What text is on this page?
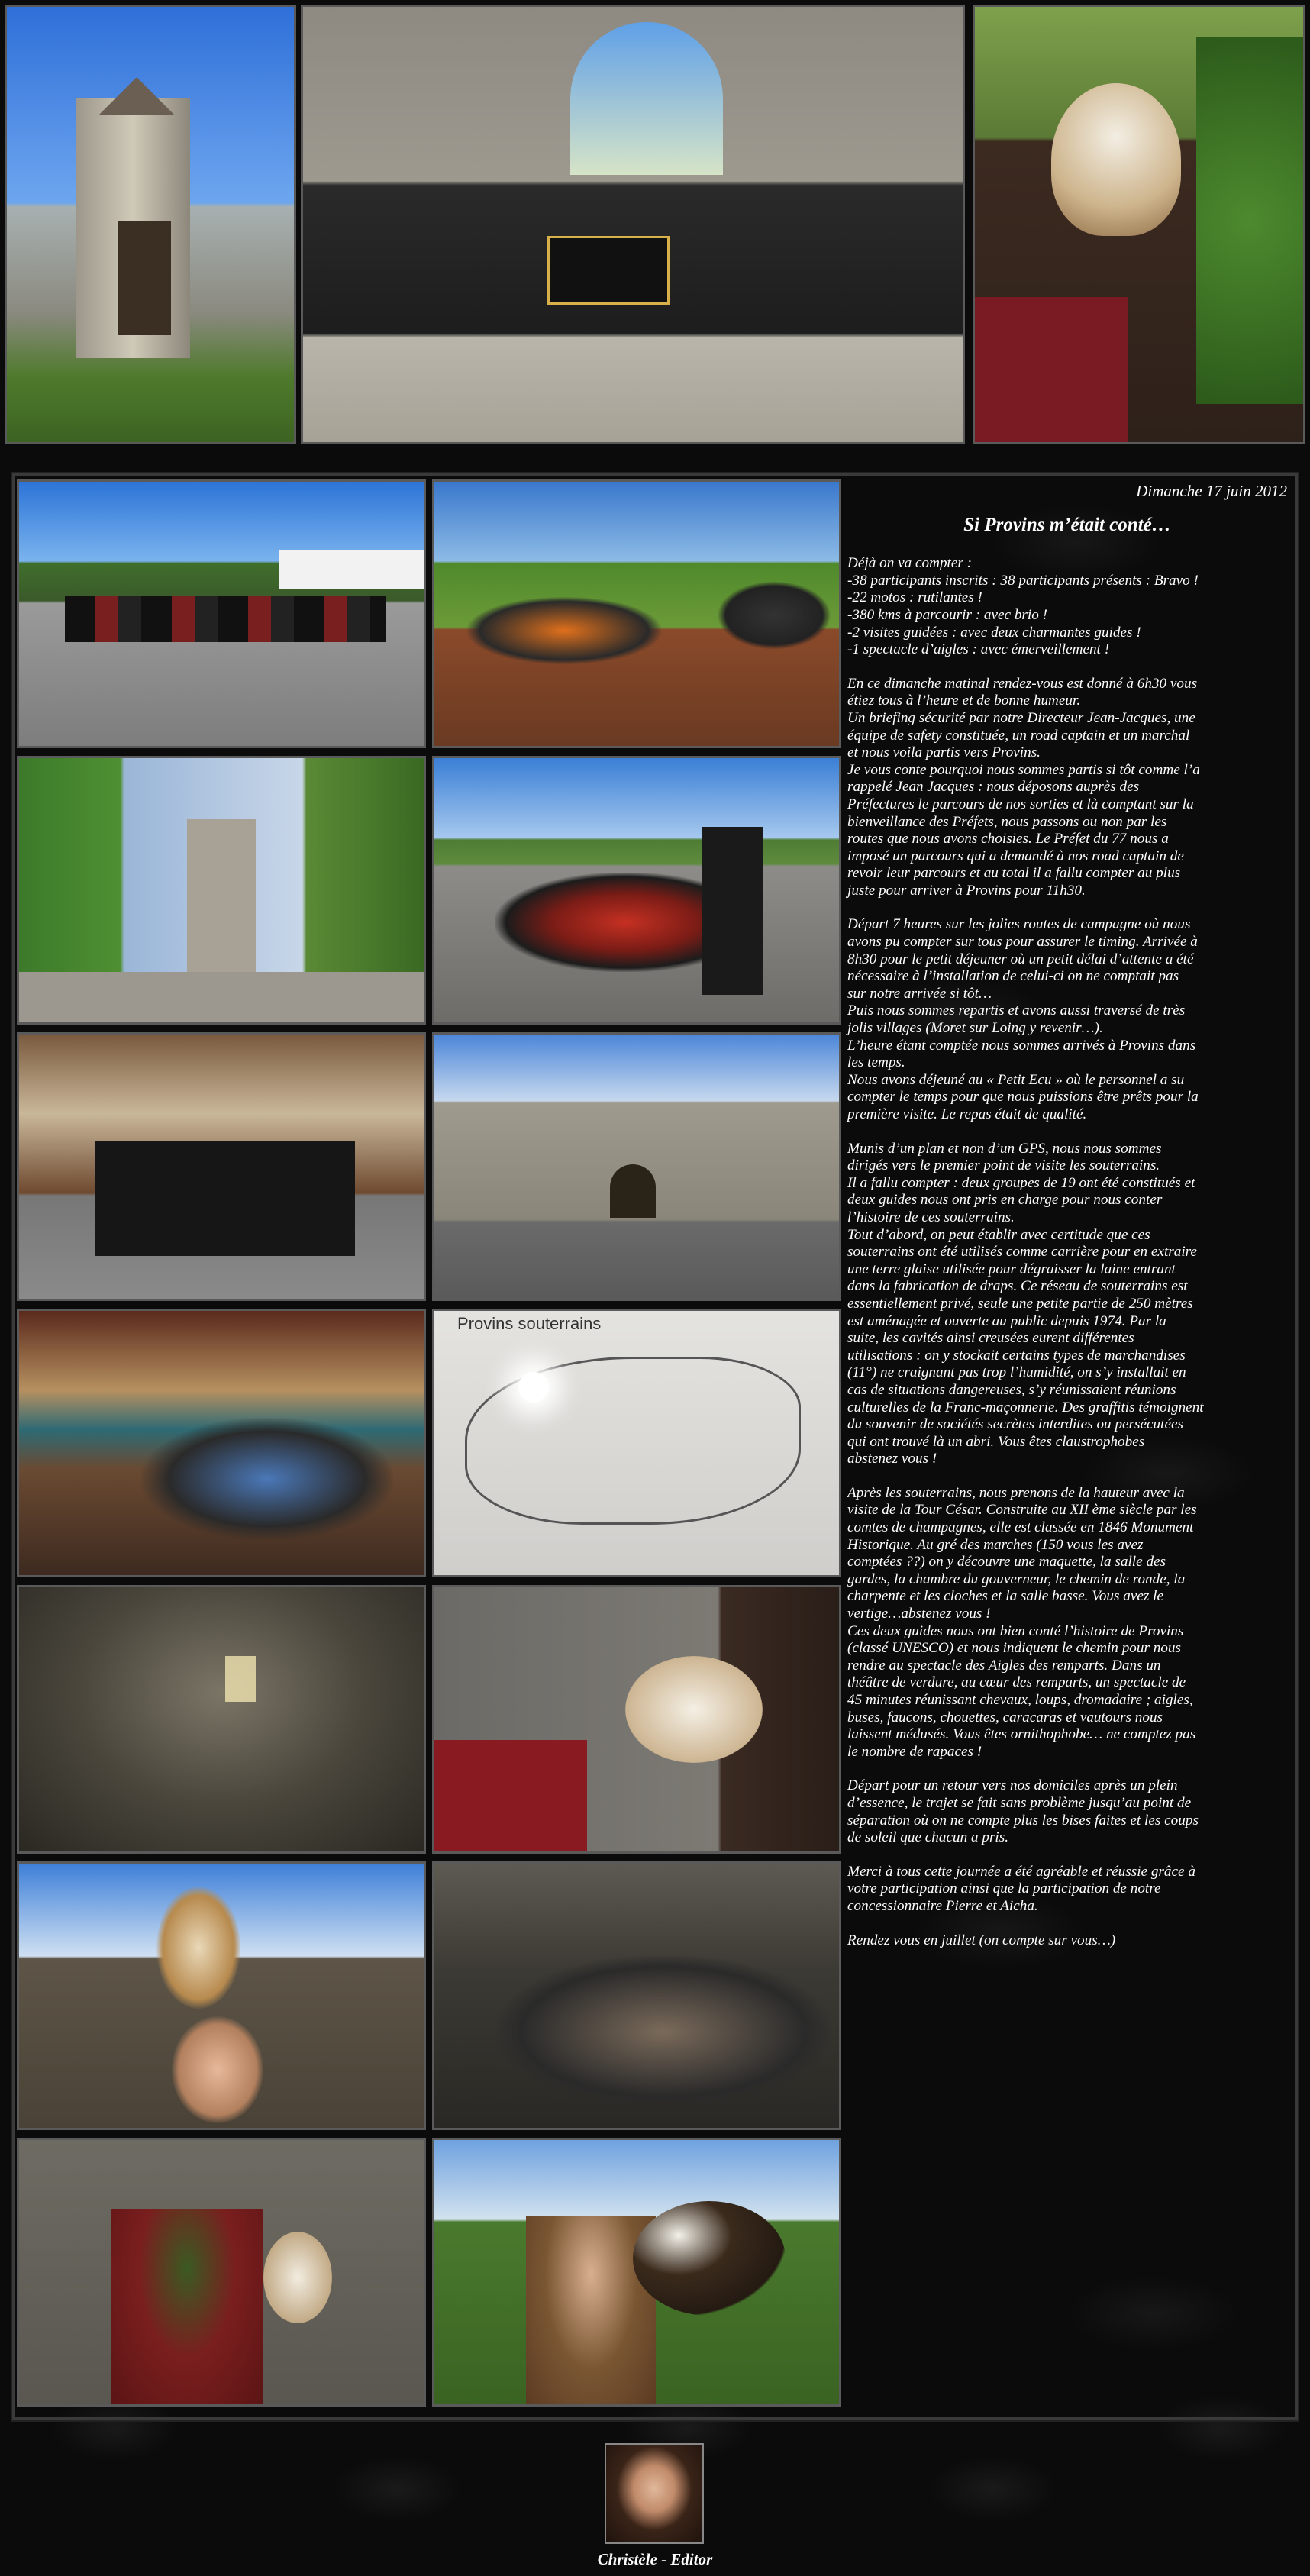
Provins souterrains
Dimanche 17 juin 2012
Si Provins m’était conté…
Déjà on va compter :
-38 participants inscrits : 38 participants présents : Bravo !
-22 motos : rutilantes !
-380 kms à parcourir : avec brio !
-2 visites guidées : avec deux charmantes guides !
-1 spectacle d’aigles : avec émerveillement !
En ce dimanche matinal rendez-vous est donné à 6h30 vous
étiez tous à l’heure et de bonne humeur.
Un briefing sécurité par notre Directeur Jean-Jacques, une
équipe de safety constituée, un road captain et un marchal
et nous voila partis vers Provins.
Je vous conte pourquoi nous sommes partis si tôt comme l’a
rappelé Jean Jacques : nous déposons auprès des
Préfectures le parcours de nos sorties et là comptant sur la
bienveillance des Préfets, nous passons ou non par les
routes que nous avons choisies. Le Préfet du 77 nous a
imposé un parcours qui a demandé à nos road captain de
revoir leur parcours et au total il a fallu compter au plus
juste pour arriver à Provins pour 11h30.
Départ 7 heures sur les jolies routes de campagne où nous
avons pu compter sur tous pour assurer le timing. Arrivée à
8h30 pour le petit déjeuner où un petit délai d’attente a été
nécessaire à l’installation de celui-ci on ne comptait pas
sur notre arrivée si tôt…
Puis nous sommes repartis et avons aussi traversé de très
jolis villages (Moret sur Loing y revenir…).
L’heure étant comptée nous sommes arrivés à Provins dans
les temps.
Nous avons déjeuné au « Petit Ecu » où le personnel a su
compter le temps pour que nous puissions être prêts pour la
première visite. Le repas était de qualité.
Munis d’un plan et non d’un GPS, nous nous sommes
dirigés vers le premier point de visite les souterrains.
Il a fallu compter : deux groupes de 19 ont été constitués et
deux guides nous ont pris en charge pour nous conter
l’histoire de ces souterrains.
Tout d’abord, on peut établir avec certitude que ces
souterrains ont été utilisés comme carrière pour en extraire
une terre glaise utilisée pour dégraisser la laine entrant
dans la fabrication de draps. Ce réseau de souterrains est
essentiellement privé, seule une petite partie de 250 mètres
est aménagée et ouverte au public depuis 1974. Par la
suite, les cavités ainsi creusées eurent différentes
utilisations : on y stockait certains types de marchandises
(11°) ne craignant pas trop l’humidité, on s’y installait en
cas de situations dangereuses, s’y réunissaient réunions
culturelles de la Franc-maçonnerie. Des graffitis témoignent
du souvenir de sociétés secrètes interdites ou persécutées
qui ont trouvé là un abri. Vous êtes claustrophobes
abstenez vous !
Après les souterrains, nous prenons de la hauteur avec la
visite de la Tour César. Construite au XII ème siècle par les
comtes de champagnes, elle est classée en 1846 Monument
Historique. Au gré des marches (150 vous les avez
comptées ??) on y découvre une maquette, la salle des
gardes, la chambre du gouverneur, le chemin de ronde, la
charpente et les cloches et la salle basse. Vous avez le
vertige…abstenez vous !
Ces deux guides nous ont bien conté l’histoire de Provins
(classé UNESCO) et nous indiquent le chemin pour nous
rendre au spectacle des Aigles des remparts. Dans un
théâtre de verdure, au cœur des remparts, un spectacle de
45 minutes réunissant chevaux, loups, dromadaire ; aigles,
buses, faucons, chouettes, caracaras et vautours nous
laissent médusés. Vous êtes ornithophobe… ne comptez pas
le nombre de rapaces !
Départ pour un retour vers nos domiciles après un plein
d’essence, le trajet se fait sans problème jusqu’au point de
séparation où on ne compte plus les bises faites et les coups
de soleil que chacun a pris.
Merci à tous cette journée a été agréable et réussie grâce à
votre participation ainsi que la participation de notre
concessionnaire Pierre et Aicha.
Rendez vous en juillet (on compte sur vous…)
Christèle - Editor
